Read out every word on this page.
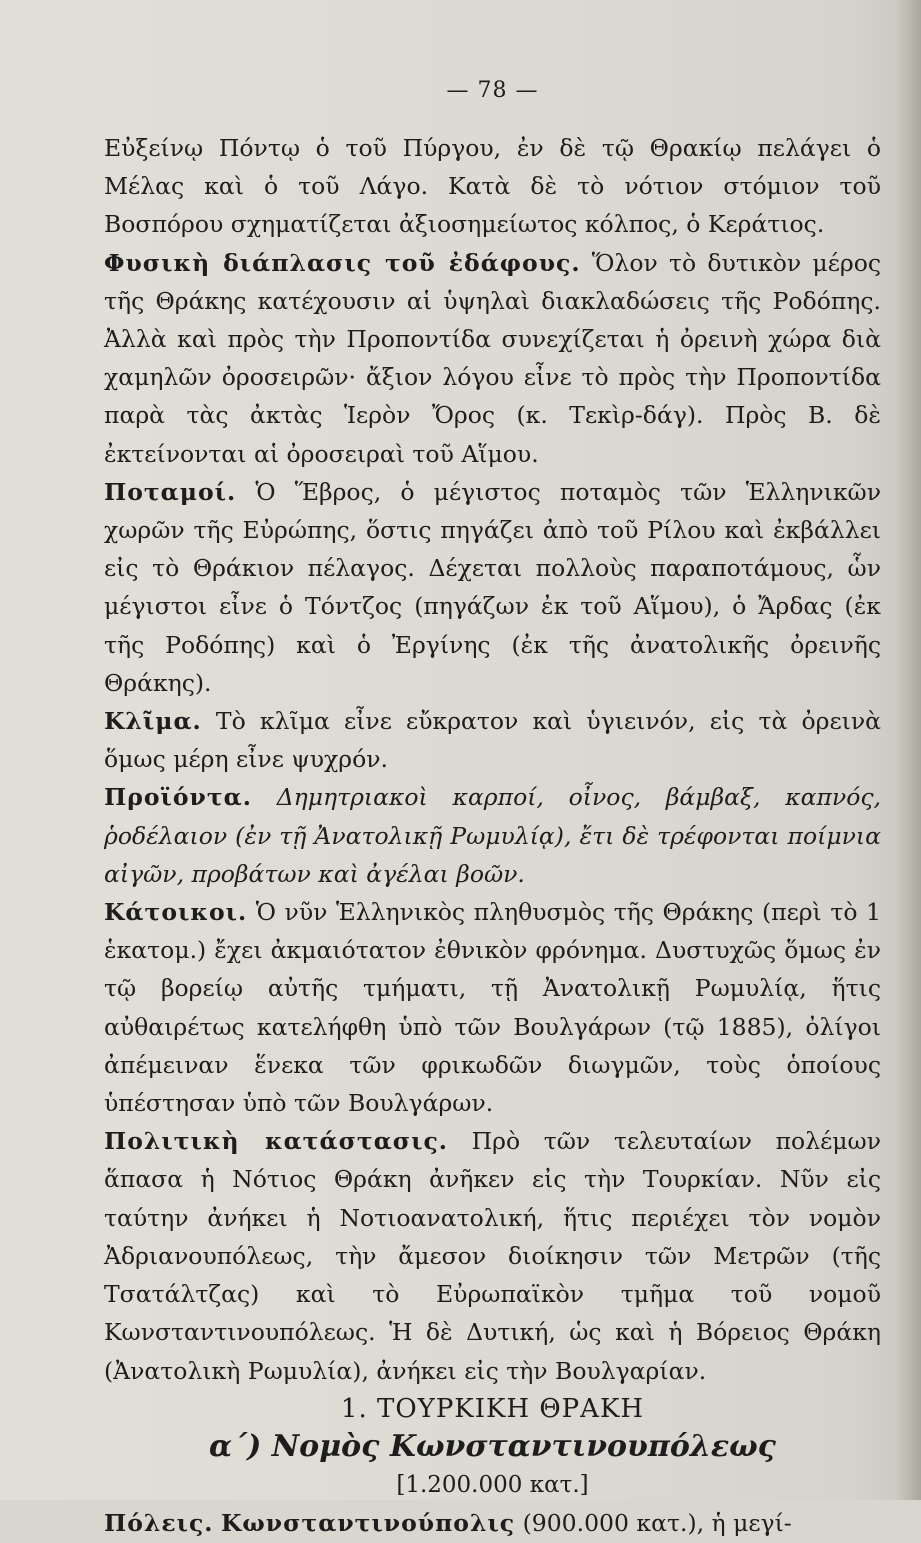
— 78 —

Εὐξείνῳ Πόντῳ ὁ τοῦ Πύργου, ἐν δὲ τῷ Θρακίῳ πελάγει ὁ Μέλας καὶ ὁ τοῦ Λάγο. Κατὰ δὲ τὸ νότιον στόμιον τοῦ Βοσπόρου σχηματίζεται ἀξιοσημείωτος κόλπος, ὁ Κεράτιος.

Φυσικὴ διάπλασις τοῦ ἐδάφους. Ὅλον τὸ δυτικὸν μέρος τῆς Θράκης κατέχουσιν αἱ ὑψηλαὶ διακλαδώσεις τῆς Ροδόπης. Ἀλλὰ καὶ πρὸς τὴν Προποντίδα συνεχίζεται ἡ ὀρεινὴ χώρα διὰ χαμηλῶν ὀροσειρῶν· ἄξιον λόγου εἶνε τὸ πρὸς τὴν Προποντίδα παρὰ τὰς ἀκτὰς Ἱερὸν Ὄρος (κ. Τεκὶρ-δάγ). Πρὸς Β. δὲ ἐκτείνονται αἱ ὀροσειραὶ τοῦ Αἵμου.

Ποταμοί. Ὁ Ἕβρος, ὁ μέγιστος ποταμὸς τῶν Ἑλληνικῶν χωρῶν τῆς Εὐρώπης, ὅστις πηγάζει ἀπὸ τοῦ Ρίλου καὶ ἐκβάλλει εἰς τὸ Θράκιον πέλαγος. Δέχεται πολλοὺς παραποτάμους, ὧν μέγιστοι εἶνε ὁ Τόντζος (πηγάζων ἐκ τοῦ Αἵμου), ὁ Ἄρδας (ἐκ τῆς Ροδόπης) καὶ ὁ Ἐργίνης (ἐκ τῆς ἀνατολικῆς ὀρεινῆς Θράκης).

Κλῖμα. Τὸ κλῖμα εἶνε εὔκρατον καὶ ὑγιεινόν, εἰς τὰ ὀρεινὰ ὅμως μέρη εἶνε ψυχρόν.

Προϊόντα. Δημητριακοὶ καρποί, οἶνος, βάμβαξ, καπνός, ῥοδέλαιον (ἐν τῇ Ἀνατολικῇ Ρωμυλίᾳ), ἔτι δὲ τρέφονται ποίμνια αἰγῶν, προβάτων καὶ ἀγέλαι βοῶν.

Κάτοικοι. Ὁ νῦν Ἑλληνικὸς πληθυσμὸς τῆς Θράκης (περὶ τὸ 1 ἑκατομ.) ἔχει ἀκμαιότατον ἐθνικὸν φρόνημα. Δυστυχῶς ὅμως ἐν τῷ βορείῳ αὐτῆς τμήματι, τῇ Ἀνατολικῇ Ρωμυλίᾳ, ἥτις αὐθαιρέτως κατελήφθη ὑπὸ τῶν Βουλγάρων (τῷ 1885), ὀλίγοι ἀπέμειναν ἕνεκα τῶν φρικωδῶν διωγμῶν, τοὺς ὁποίους ὑπέστησαν ὑπὸ τῶν Βουλγάρων.

Πολιτικὴ κατάστασις. Πρὸ τῶν τελευταίων πολέμων ἅπασα ἡ Νότιος Θράκη ἀνῆκεν εἰς τὴν Τουρκίαν. Νῦν εἰς ταύτην ἀνήκει ἡ Νοτιοανατολική, ἥτις περιέχει τὸν νομὸν Ἀδριανουπόλεως, τὴν ἄμεσον διοίκησιν τῶν Μετρῶν (τῆς Τσατάλτζας) καὶ τὸ Εὐρωπαϊκὸν τμῆμα τοῦ νομοῦ Κωνσταντινουπόλεως. Ἡ δὲ Δυτική, ὡς καὶ ἡ Βόρειος Θράκη (Ἀνατολικὴ Ρωμυλία), ἀνήκει εἰς τὴν Βουλγαρίαν.

1. ΤΟΥΡΚΙΚΗ ΘΡΑΚΗ

α΄) Νομὸς Κωνσταντινουπόλεως

[1.200.000 κατ.]

Πόλεις. Κωνσταντινούπολις (900.000 κατ.), ἡ μεγί-
